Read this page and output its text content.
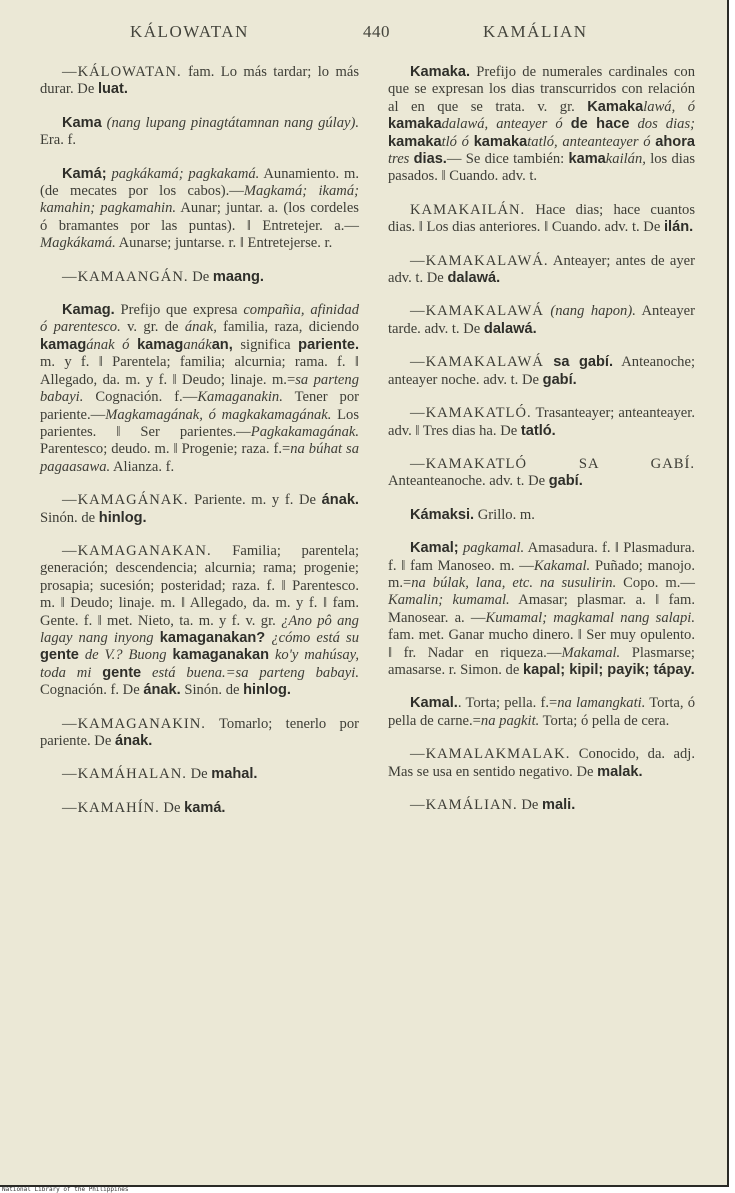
KÁLOWATAN	440	KAMÁLIAN

—KÁLOWATAN. fam. Lo más tardar; lo más durar. De luat.

Kama (nang lupang pinagtátamnan nang gúlay). Era. f.

Kamá; pagkákamá; pagkakamá. Aunamiento. m. (de mecates por los cabos).—Magkamá; ikamá; kamahin; pagkamahin. Aunar; juntar. a. (los cordeles ó bramantes por las puntas). ‖ Entretejer. a.—Magkákamá. Aunarse; juntarse. r. ‖ Entretejerse. r.

—KAMAANGÁN. De maang.

Kamag. Prefijo que expresa compañia, afinidad ó parentesco. v. gr. de ának, familia, raza, diciendo kamagának ó kamaganákan, significa pariente. m. y f. ‖ Parentela; familia; alcurnia; rama. f. ‖ Allegado, da. m. y f. ‖ Deudo; linaje. m.=sa parteng babayi. Cognación. f.—Kamaganakin. Tener por pariente.—Magkamagának, ó magkakamagának. Los parientes. ‖ Ser parientes.—Pagkakamagának. Parentesco; deudo. m. ‖ Progenie; raza. f.=na búhat sa pagaasawa. Alianza. f.

—KAMAGÁNAK. Pariente. m. y f. De ának. Sinón. de hinlog.

—KAMAGANAKAN. Familia; parentela; generación; descendencia; alcurnia; rama; progenie; prosapia; sucesión; posteridad; raza. f. ‖ Parentesco. m. ‖ Deudo; linaje. m. ‖ Allegado, da. m. y f. ‖ fam. Gente. f. ‖ met. Nieto, ta. m. y f. v. gr. ¿Ano pô ang lagay nang inyong kamaganakan? ¿cómo está su gente de V.? Buong kamaganakan ko'y mahúsay, toda mi gente está buena.=sa parteng babayi. Cognación. f. De ának. Sinón. de hinlog.

—KAMAGANAKIN. Tomarlo; tenerlo por pariente. De ának.

—KAMÁHALAN. De mahal.

—KAMAHÍN. De kamá.

Kamaka. Prefijo de numerales cardinales con que se expresan los dias transcurridos con relación al en que se trata. v. gr. Kamakalawá, ó kamakadalawá, anteayer ó de hace dos dias; kamakatló ó kamakatatló, anteanteayer ó ahora tres dias.— Se dice también: kamakailán, los dias pasados. ‖ Cuando. adv. t.

KAMAKAILÁN. Hace dias; hace cuantos dias. ‖ Los dias anteriores. ‖ Cuando. adv. t. De ilán.

—KAMAKALAWÁ. Anteayer; antes de ayer adv. t. De dalawá.

—KAMAKALAWÁ (nang hapon). Anteayer tarde. adv. t. De dalawá.

—KAMAKALAWÁ sa gabí. Anteanoche; anteayer noche. adv. t. De gabí.

—KAMAKATLÓ. Trasanteayer; anteanteayer. adv. ‖ Tres dias ha. De tatló.

—KAMAKATLÓ SA GABÍ. Anteanteanoche. adv. t. De gabí.

Kámaksi. Grillo. m.

Kamal; pagkamal. Amasadura. f. ‖ Plasmadura. f. ‖ fam Manoseo. m. —Kakamal. Puñado; manojo. m.=na búlak, lana, etc. na susulirin. Copo. m.—Kamalin; kumamal. Amasar; plasmar. a. ‖ fam. Manosear. a. —Kumamal; magkamal nang salapi. fam. met. Ganar mucho dinero. ‖ Ser muy opulento. ‖ fr. Nadar en riqueza.—Makamal. Plasmarse; amasarse. r. Simon. de kapal; kipil; payik; tápay.

Kamal.. Torta; pella. f.=na lamangkati. Torta, ó pella de carne.=na pagkit. Torta; ó pella de cera.

—KAMALAKMALAK. Conocido, da. adj. Mas se usa en sentido negativo. De malak.

—KAMÁLIAN. De mali.

National Library of the Philippines
